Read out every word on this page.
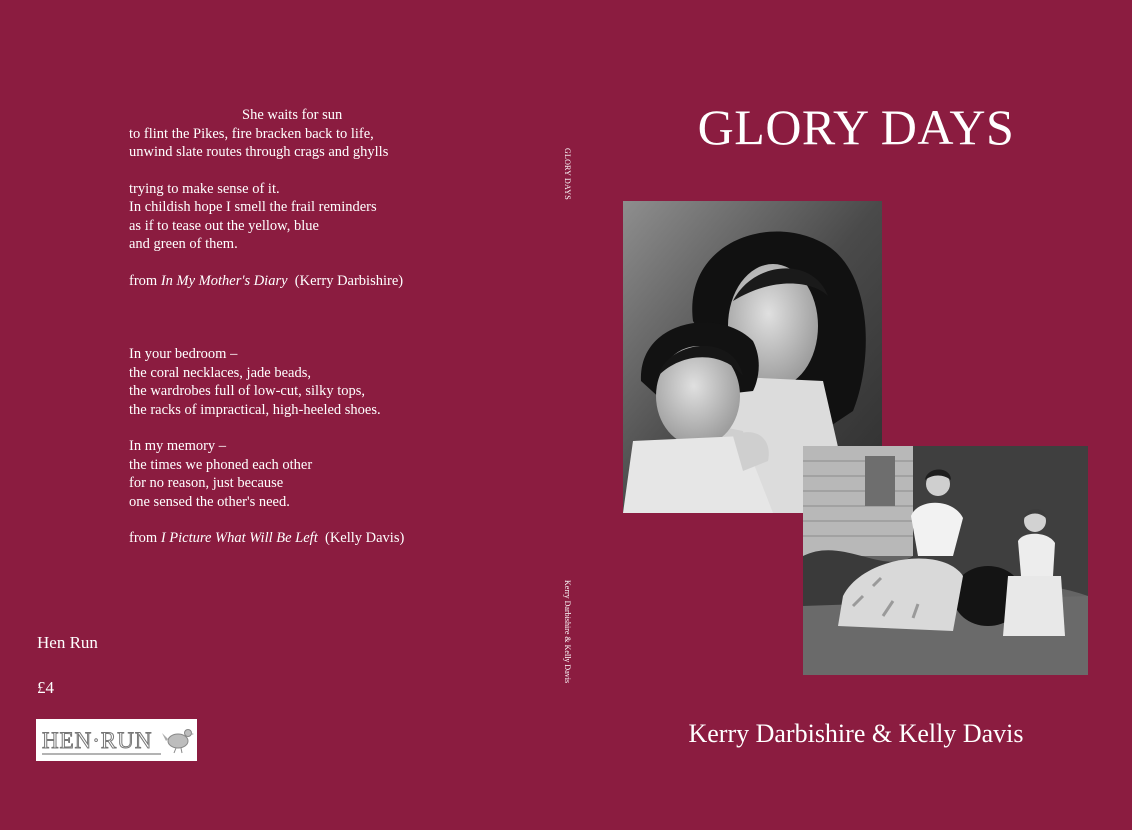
She waits for sun

to flint the Pikes, fire bracken back to life,

unwind slate routes through crags and ghylls

trying to make sense of it.

In childish hope I smell the frail reminders

as if to tease out the yellow, blue

and green of them.

from In My Mother's Diary (Kerry Darbishire)

In your bedroom –

the coral necklaces, jade beads,

the wardrobes full of low-cut, silky tops,

the racks of impractical, high-heeled shoes.

In my memory –

the times we phoned each other

for no reason, just because

one sensed the other's need.

from I Picture What Will Be Left (Kelly Davis)

Hen Run
£4
HEN·RUN
GLORY DAYS
Kerry Darbishire & Kelly Davis
GLORY DAYS
Kerry Darbishire & Kelly Davis
